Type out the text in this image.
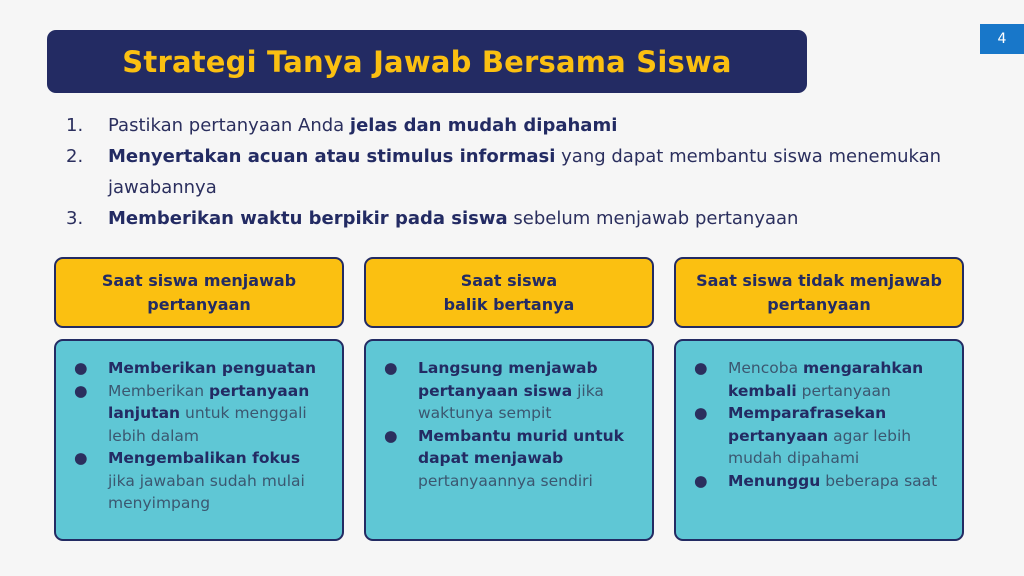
4
Strategi Tanya Jawab Bersama Siswa
1.	Pastikan pertanyaan Anda jelas dan mudah dipahami
2.	Menyertakan acuan atau stimulus informasi yang dapat membantu siswa menemukan jawabannya
3.	Memberikan waktu berpikir pada siswa sebelum menjawab pertanyaan
Saat siswa menjawab
pertanyaan
●	Memberikan penguatan
●	Memberikan pertanyaan lanjutan untuk menggali lebih dalam
●	Mengembalikan fokus jika jawaban sudah mulai menyimpang
Saat siswa
balik bertanya
●	Langsung menjawab pertanyaan siswa jika waktunya sempit
●	Membantu murid untuk dapat menjawab pertanyaannya sendiri
Saat siswa tidak menjawab
pertanyaan
●	Mencoba mengarahkan kembali pertanyaan
●	Memparafrasekan pertanyaan agar lebih mudah dipahami
●	Menunggu beberapa saat
